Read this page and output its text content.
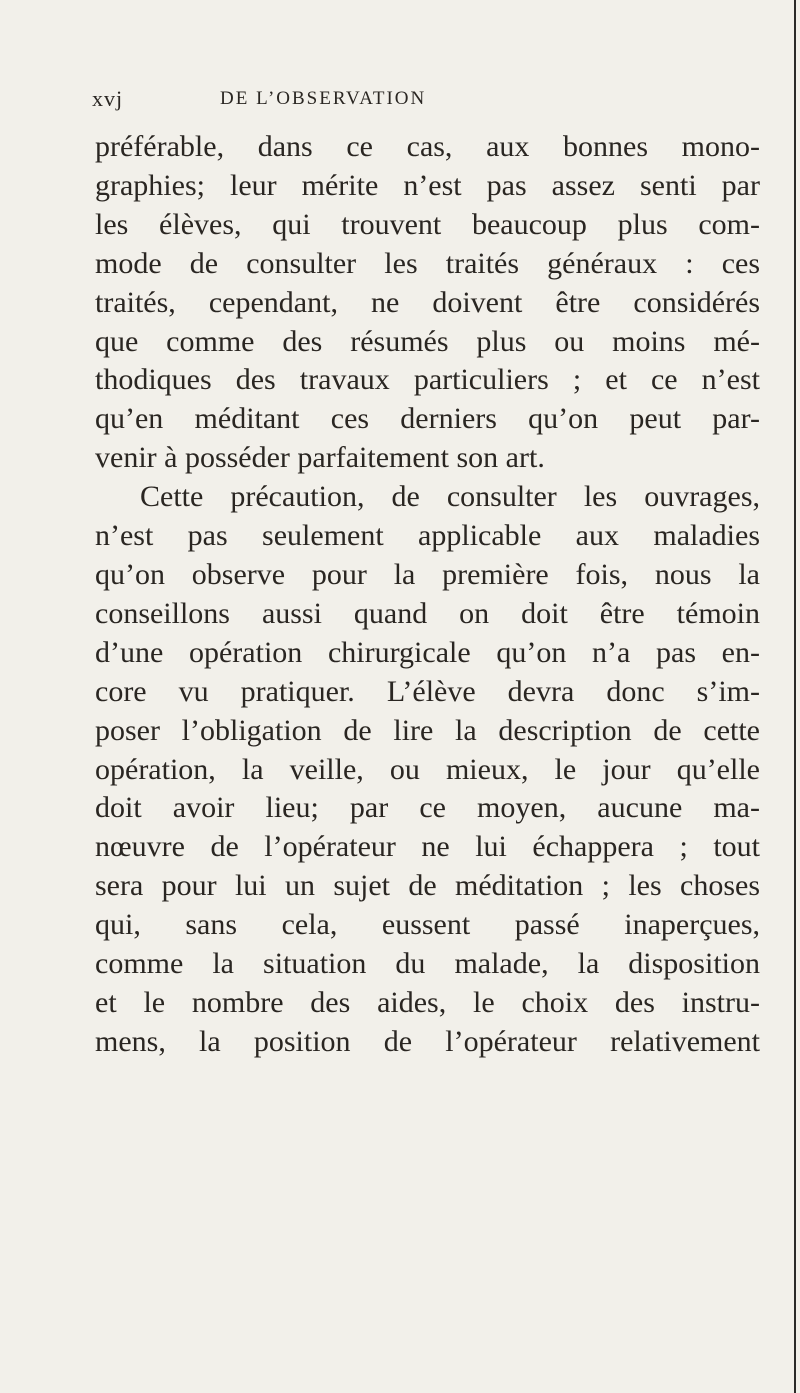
xvj	DE L’OBSERVATION
préférable, dans ce cas, aux bonnes mono-
graphies; leur mérite n’est pas assez senti par
les élèves, qui trouvent beaucoup plus com-
mode de consulter les traités généraux : ces
traités, cependant, ne doivent être considérés
que comme des résumés plus ou moins mé-
thodiques des travaux particuliers ; et ce n’est
qu’en méditant ces derniers qu’on peut par-
venir à posséder parfaitement son art.
Cette précaution, de consulter les ouvrages,
n’est pas seulement applicable aux maladies
qu’on observe pour la première fois, nous la
conseillons aussi quand on doit être témoin
d’une opération chirurgicale qu’on n’a pas en-
core vu pratiquer. L’élève devra donc s’im-
poser l’obligation de lire la description de cette
opération, la veille, ou mieux, le jour qu’elle
doit avoir lieu; par ce moyen, aucune ma-
nœuvre de l’opérateur ne lui échappera ; tout
sera pour lui un sujet de méditation ; les choses
qui, sans cela, eussent passé inaperçues,
comme la situation du malade, la disposition
et le nombre des aides, le choix des instru-
mens, la position de l’opérateur relativement
